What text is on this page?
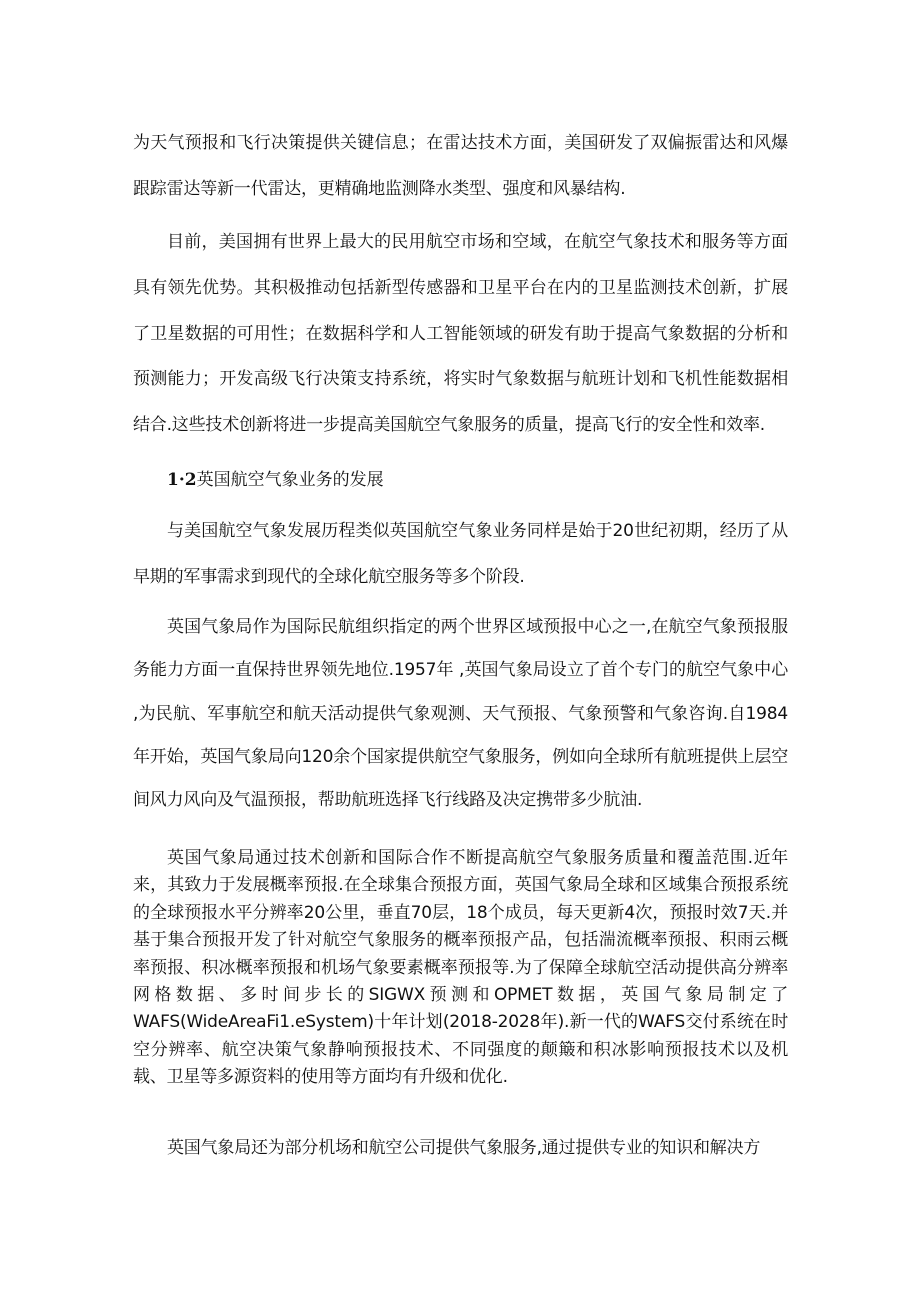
为天气预报和飞行决策提供关键信息；在雷达技术方面，美国研发了双偏振雷达和风爆跟踪雷达等新一代雷达，更精确地监测降水类型、强度和风暴结构.

目前，美国拥有世界上最大的民用航空市场和空域，在航空气象技术和服务等方面具有领先优势。其积极推动包括新型传感器和卫星平台在内的卫星监测技术创新，扩展了卫星数据的可用性；在数据科学和人工智能领域的研发有助于提高气象数据的分析和预测能力；开发高级飞行决策支持系统，将实时气象数据与航班计划和飞机性能数据相结合.这些技术创新将进一步提高美国航空气象服务的质量，提高飞行的安全性和效率.

1·2英国航空气象业务的发展

与美国航空气象发展历程类似英国航空气象业务同样是始于20世纪初期，经历了从早期的军事需求到现代的全球化航空服务等多个阶段.

英国气象局作为国际民航组织指定的两个世界区域预报中心之一,在航空气象预报服务能力方面一直保持世界领先地位.1957年 ,英国气象局设立了首个专门的航空气象中心 ,为民航、军事航空和航天活动提供气象观测、天气预报、气象预警和气象咨询.自1984年开始，英国气象局向120余个国家提供航空气象服务，例如向全球所有航班提供上层空间风力风向及气温预报，帮助航班选择飞行线路及决定携带多少肮油.

英国气象局通过技术创新和国际合作不断提高航空气象服务质量和覆盖范围.近年来，其致力于发展概率预报.在全球集合预报方面，英国气象局全球和区域集合预报系统的全球预报水平分辨率20公里，垂直70层，18个成员，每天更新4次，预报时效7天.并基于集合预报开发了针对航空气象服务的概率预报产品，包括湍流概率预报、积雨云概率预报、积冰概率预报和机场气象要素概率预报等.为了保障全球航空活动提供高分辨率网格数据、多时间步长的SIGWX预测和OPMET数据，英国气象局制定了WAFS(WideAreaFi1.eSystem)十年计划(2018-2028年).新一代的WAFS交付系统在时空分辨率、航空决策气象静响预报技术、不同强度的颠簸和积冰影响预报技术以及机载、卫星等多源资料的使用等方面均有升级和优化.

英国气象局还为部分机场和航空公司提供气象服务,通过提供专业的知识和解决方
